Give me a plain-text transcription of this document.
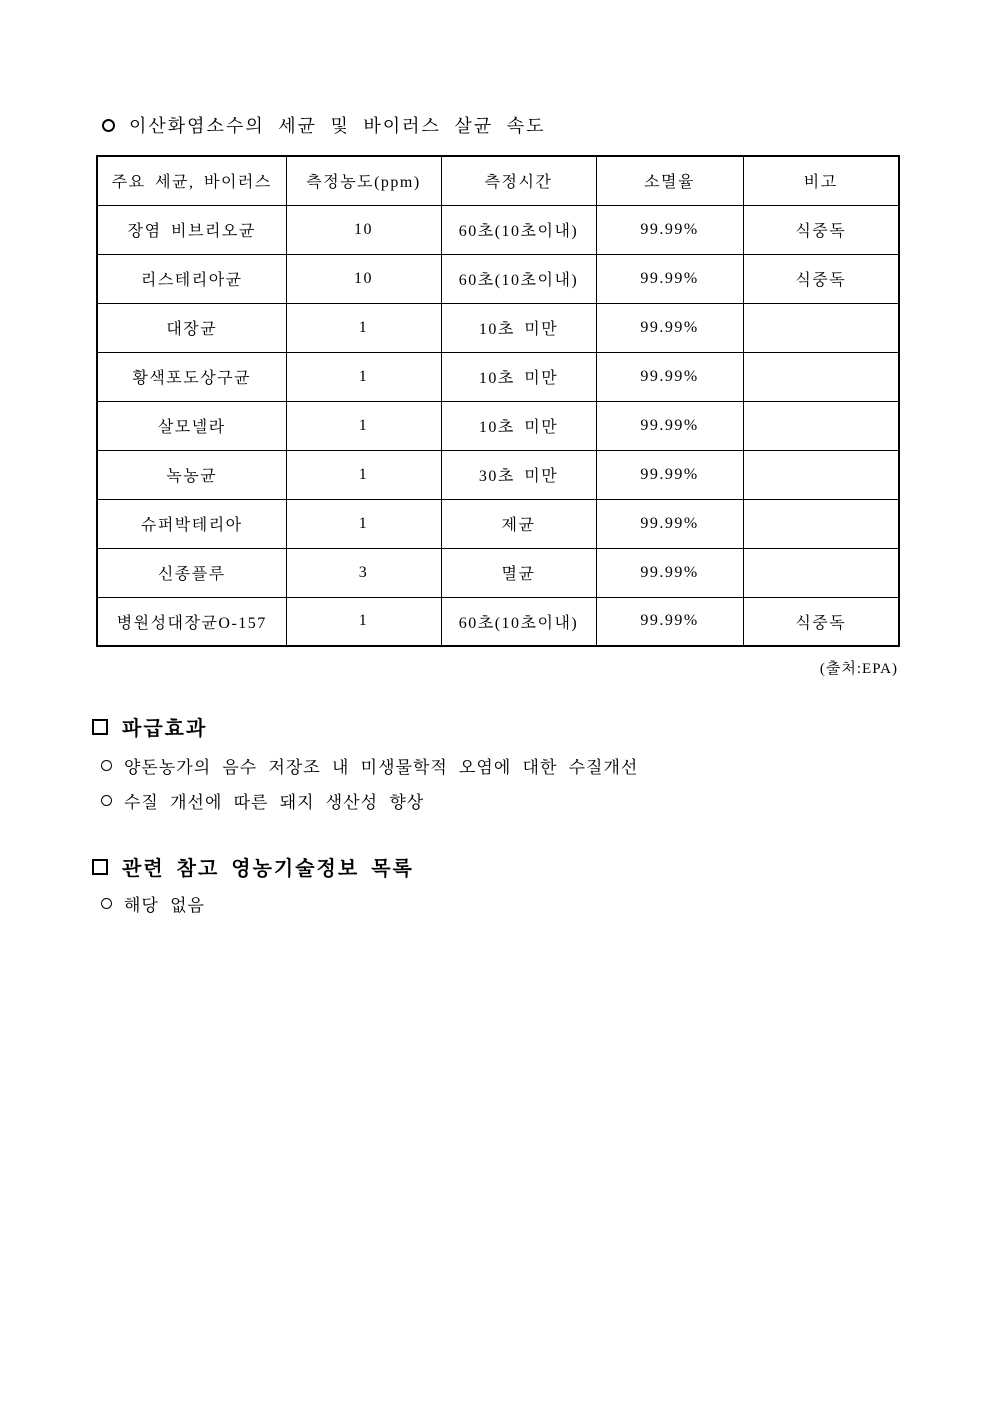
이산화염소수의 세균 및 바이러스 살균 속도
주요 세균, 바이러스	측정농도(ppm)	측정시간	소멸율	비고
장염 비브리오균	10	60초(10초이내)	99.99%	식중독
리스테리아균	10	60초(10초이내)	99.99%	식중독
대장균	1	10초 미만	99.99%	
황색포도상구균	1	10초 미만	99.99%	
살모넬라	1	10초 미만	99.99%	
녹농균	1	30초 미만	99.99%	
슈퍼박테리아	1	제균	99.99%	
신종플루	3	멸균	99.99%	
병원성대장균O-157	1	60초(10초이내)	99.99%	식중독
(출처:EPA)
파급효과
양돈농가의 음수 저장조 내 미생물학적 오염에 대한 수질개선
수질 개선에 따른 돼지 생산성 향상
관련 참고 영농기술정보 목록
해당 없음
